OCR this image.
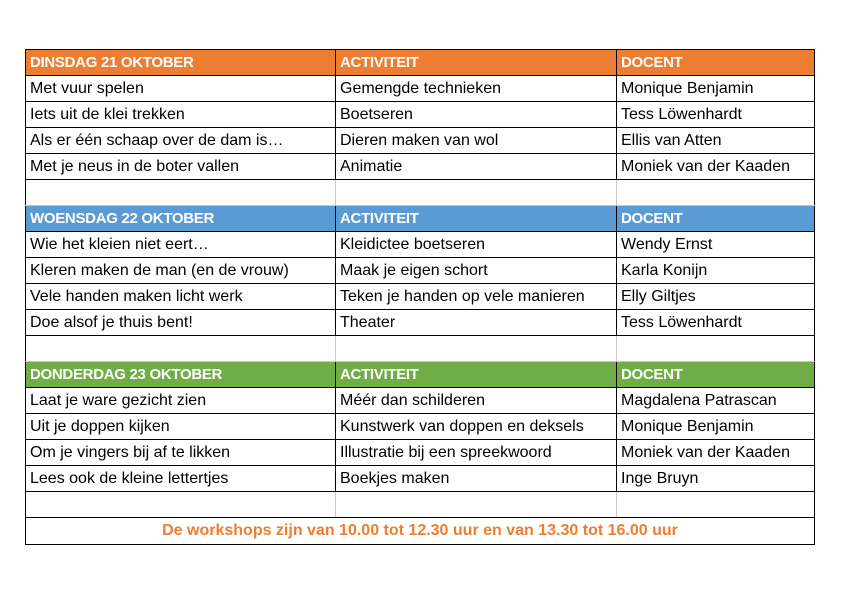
DINSDAG 21 OKTOBER	ACTIVITEIT	DOCENT
Met vuur spelen	Gemengde technieken	Monique Benjamin
Iets uit de klei trekken	Boetseren	Tess Löwenhardt
Als er één schaap over de dam is…	Dieren maken van wol	Ellis van Atten
Met je neus in de boter vallen	Animatie	Moniek van der Kaaden

WOENSDAG 22 OKTOBER	ACTIVITEIT	DOCENT
Wie het kleien niet eert…	Kleidictee boetseren	Wendy Ernst
Kleren maken de man (en de vrouw)	Maak je eigen schort	Karla Konijn
Vele handen maken licht werk	Teken je handen op vele manieren	Elly Giltjes
Doe alsof je thuis bent!	Theater	Tess Löwenhardt

DONDERDAG 23 OKTOBER	ACTIVITEIT	DOCENT
Laat je ware gezicht zien	Méér dan schilderen	Magdalena Patrascan
Uit je doppen kijken	Kunstwerk van doppen en deksels	Monique Benjamin
Om je vingers bij af te likken	Illustratie bij een spreekwoord	Moniek van der Kaaden
Lees ook de kleine lettertjes	Boekjes maken	Inge Bruyn

De workshops zijn van 10.00 tot 12.30 uur en van 13.30 tot 16.00 uur		
